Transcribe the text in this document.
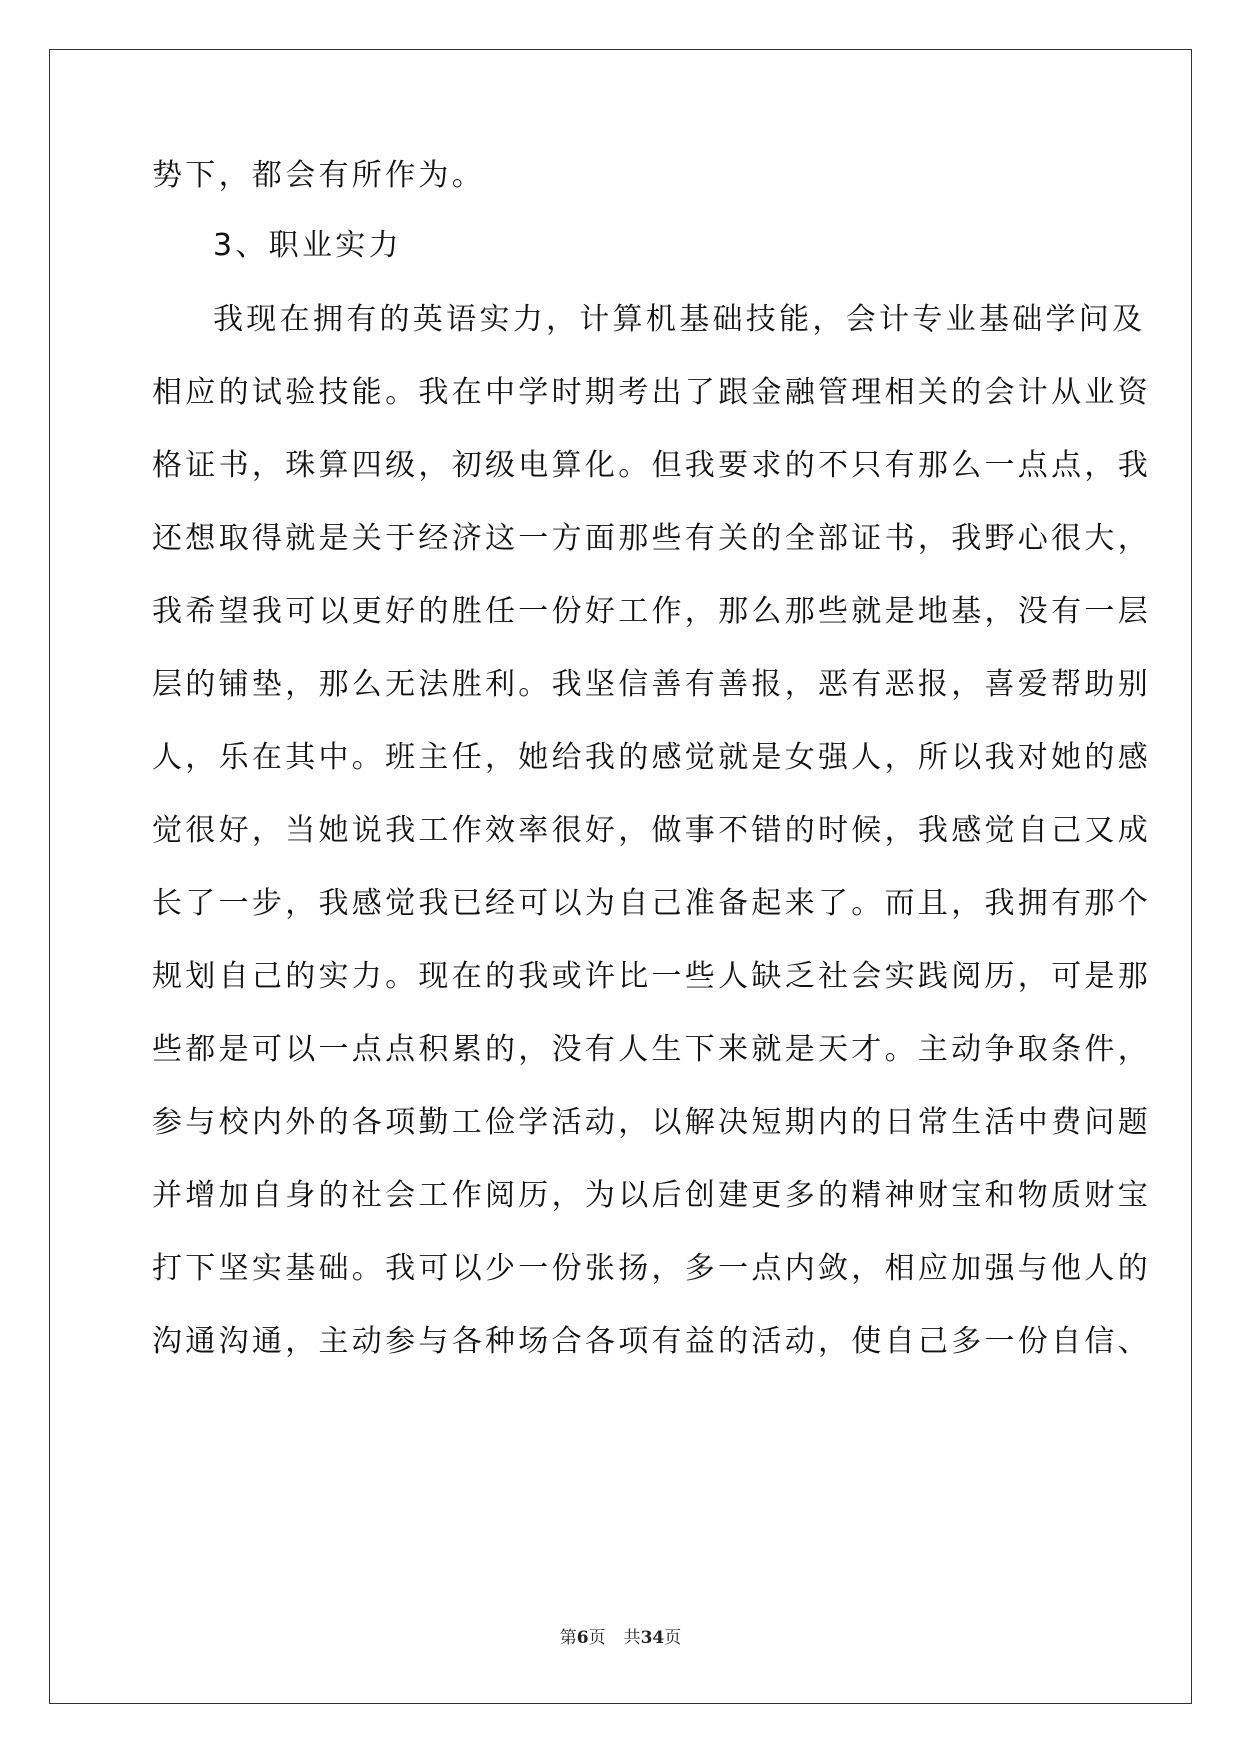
势下，都会有所作为。
3、职业实力
我现在拥有的英语实力，计算机基础技能，会计专业基础学问及
相应的试验技能。我在中学时期考出了跟金融管理相关的会计从业资
格证书，珠算四级，初级电算化。但我要求的不只有那么一点点，我
还想取得就是关于经济这一方面那些有关的全部证书，我野心很大，
我希望我可以更好的胜任一份好工作，那么那些就是地基，没有一层
层的铺垫，那么无法胜利。我坚信善有善报，恶有恶报，喜爱帮助别
人，乐在其中。班主任，她给我的感觉就是女强人，所以我对她的感
觉很好，当她说我工作效率很好，做事不错的时候，我感觉自己又成
长了一步，我感觉我已经可以为自己准备起来了。而且，我拥有那个
规划自己的实力。现在的我或许比一些人缺乏社会实践阅历，可是那
些都是可以一点点积累的，没有人生下来就是天才。主动争取条件，
参与校内外的各项勤工俭学活动，以解决短期内的日常生活中费问题
并增加自身的社会工作阅历，为以后创建更多的精神财宝和物质财宝
打下坚实基础。我可以少一份张扬，多一点内敛，相应加强与他人的
沟通沟通，主动参与各种场合各项有益的活动，使自己多一份自信、
第6页 共34页
